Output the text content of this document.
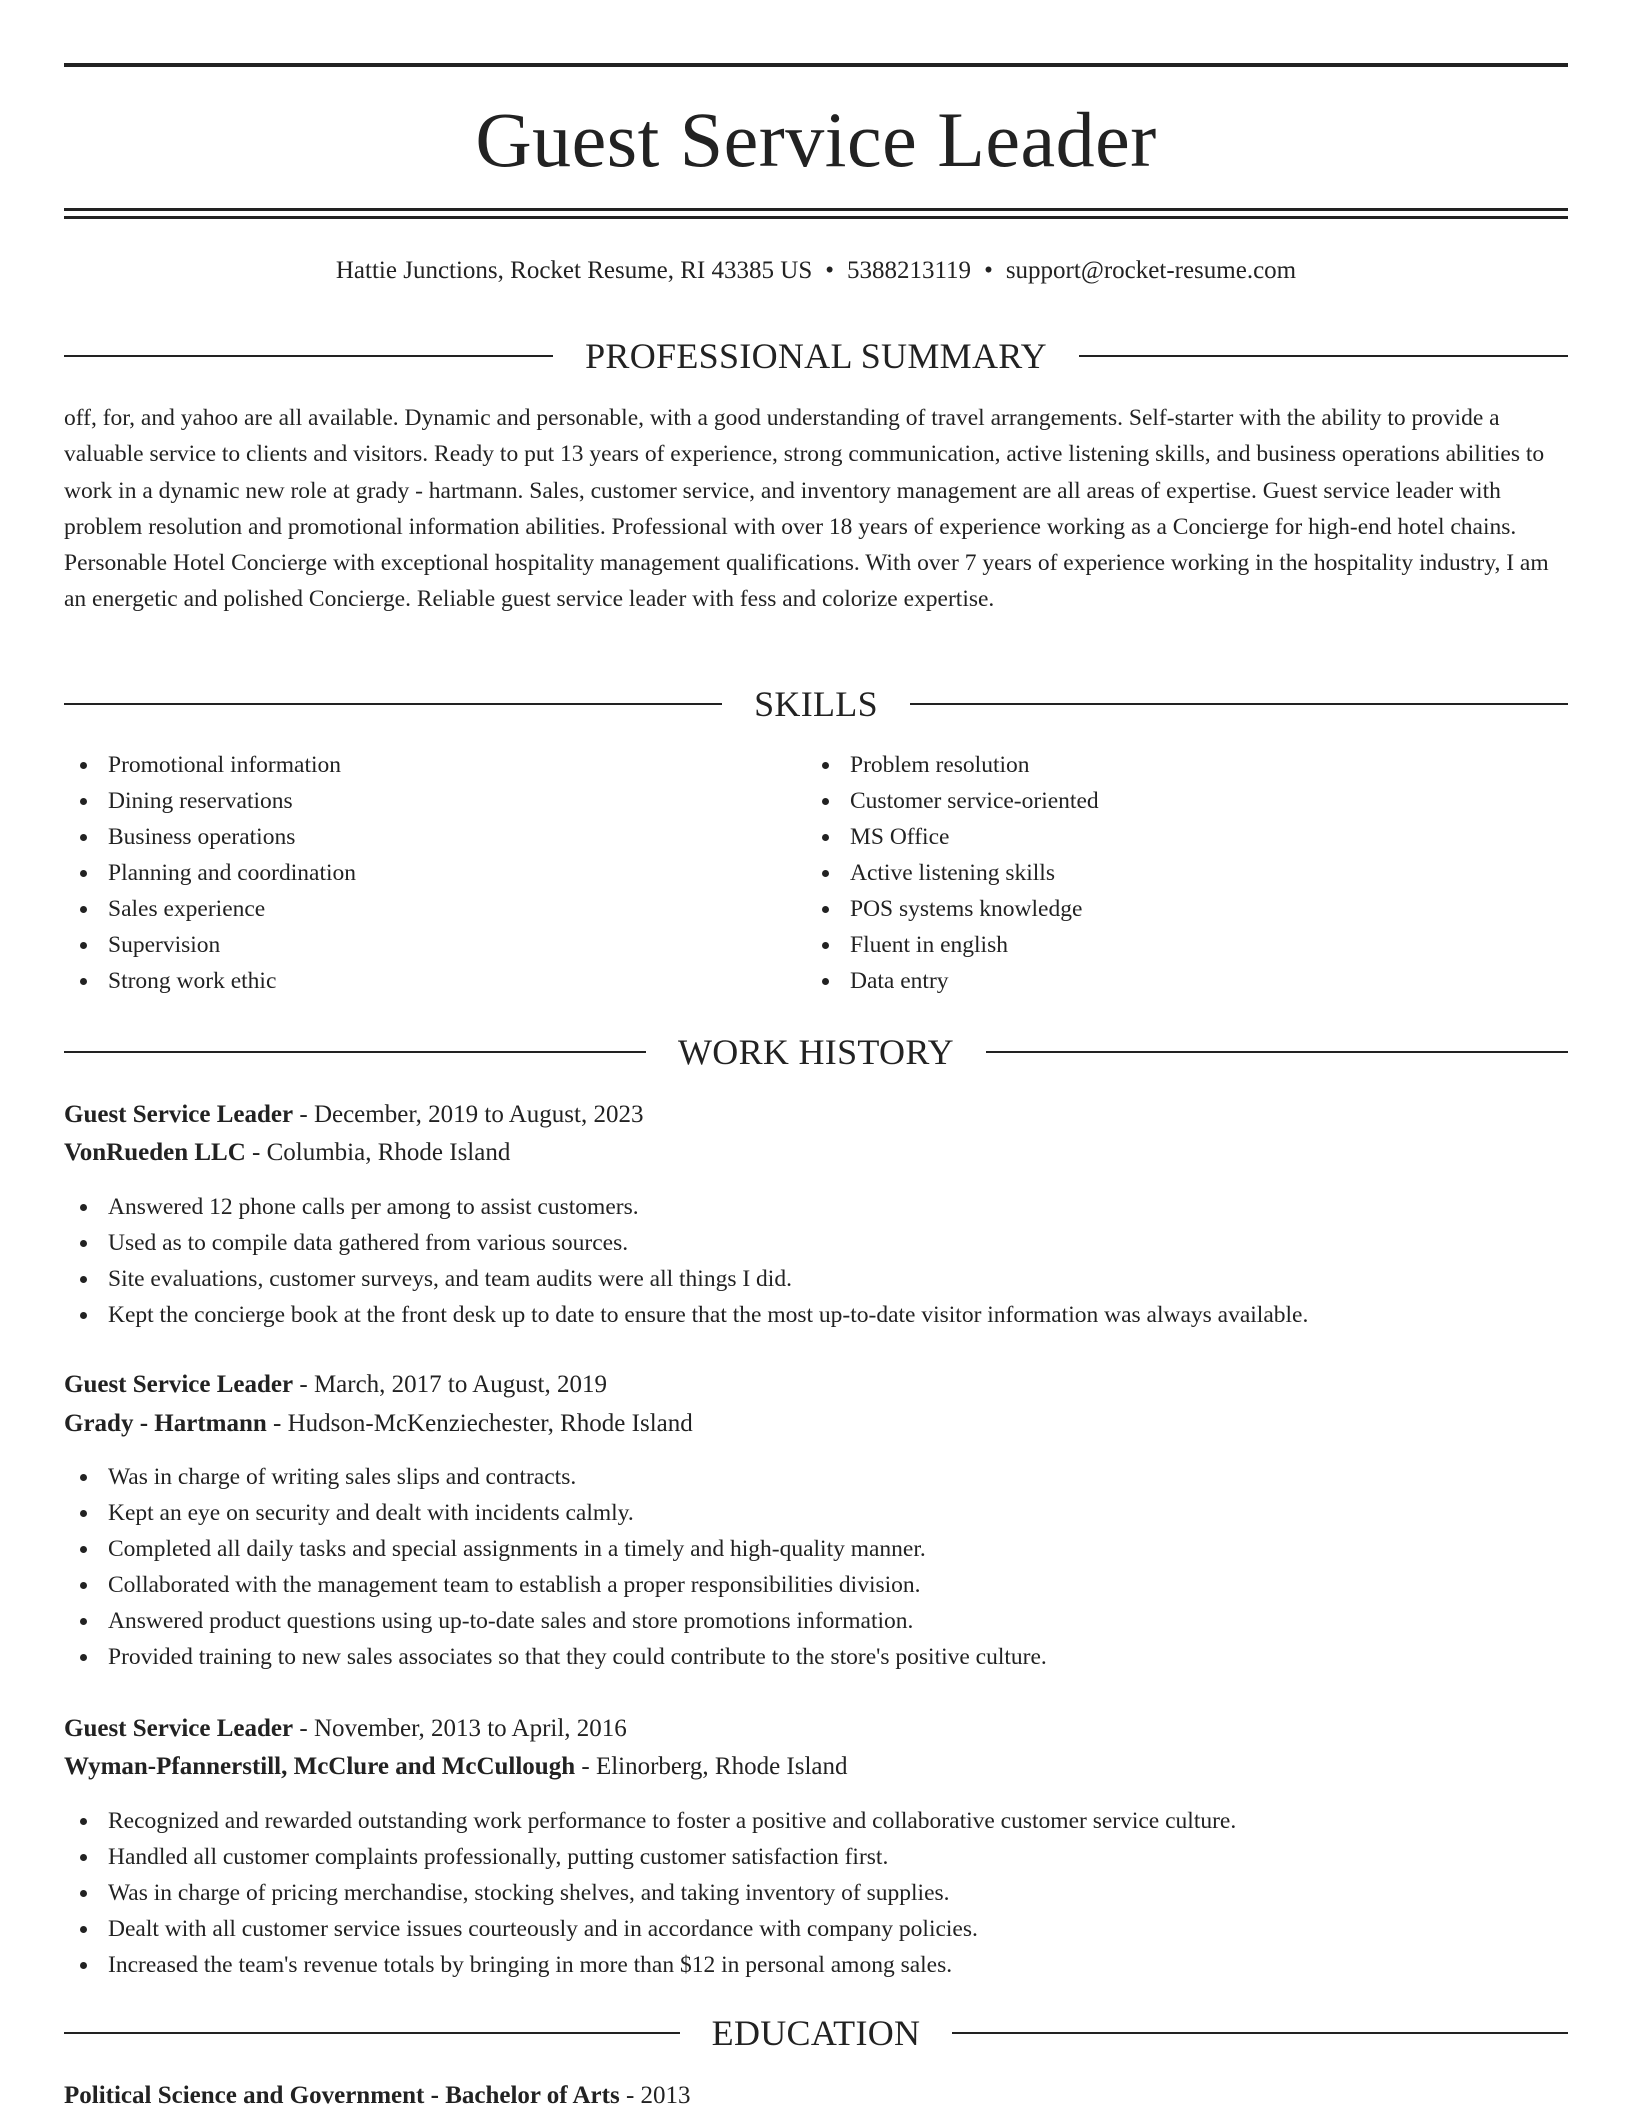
Guest Service Leader
Hattie Junctions, Rocket Resume, RI 43385 US • 5388213119 • support@rocket-resume.com
PROFESSIONAL SUMMARY
off, for, and yahoo are all available. Dynamic and personable, with a good understanding of travel arrangements. Self-starter with the ability to provide a valuable service to clients and visitors. Ready to put 13 years of experience, strong communication, active listening skills, and business operations abilities to work in a dynamic new role at grady - hartmann. Sales, customer service, and inventory management are all areas of expertise. Guest service leader with problem resolution and promotional information abilities. Professional with over 18 years of experience working as a Concierge for high-end hotel chains. Personable Hotel Concierge with exceptional hospitality management qualifications. With over 7 years of experience working in the hospitality industry, I am an energetic and polished Concierge. Reliable guest service leader with fess and colorize expertise.
SKILLS
Promotional information
Dining reservations
Business operations
Planning and coordination
Sales experience
Supervision
Strong work ethic
Problem resolution
Customer service-oriented
MS Office
Active listening skills
POS systems knowledge
Fluent in english
Data entry
WORK HISTORY
Guest Service Leader - December, 2019 to August, 2023
VonRueden LLC - Columbia, Rhode Island
Answered 12 phone calls per among to assist customers.
Used as to compile data gathered from various sources.
Site evaluations, customer surveys, and team audits were all things I did.
Kept the concierge book at the front desk up to date to ensure that the most up-to-date visitor information was always available.
Guest Service Leader - March, 2017 to August, 2019
Grady - Hartmann - Hudson-McKenziechester, Rhode Island
Was in charge of writing sales slips and contracts.
Kept an eye on security and dealt with incidents calmly.
Completed all daily tasks and special assignments in a timely and high-quality manner.
Collaborated with the management team to establish a proper responsibilities division.
Answered product questions using up-to-date sales and store promotions information.
Provided training to new sales associates so that they could contribute to the store's positive culture.
Guest Service Leader - November, 2013 to April, 2016
Wyman-Pfannerstill, McClure and McCullough - Elinorberg, Rhode Island
Recognized and rewarded outstanding work performance to foster a positive and collaborative customer service culture.
Handled all customer complaints professionally, putting customer satisfaction first.
Was in charge of pricing merchandise, stocking shelves, and taking inventory of supplies.
Dealt with all customer service issues courteously and in accordance with company policies.
Increased the team's revenue totals by bringing in more than $12 in personal among sales.
EDUCATION
Political Science and Government - Bachelor of Arts - 2013
